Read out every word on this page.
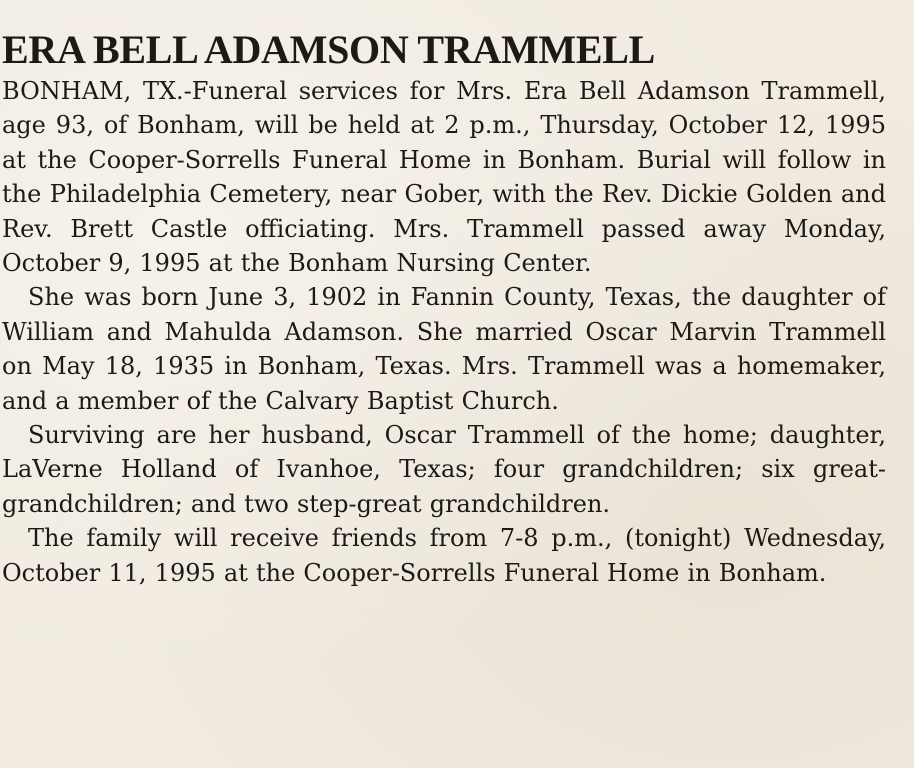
ERA BELL ADAMSON TRAMMELL

BONHAM, TX.-Funeral services for Mrs. Era Bell Adamson Trammell, age 93, of Bonham, will be held at 2 p.m., Thursday, October 12, 1995 at the Cooper-Sorrells Funeral Home in Bonham. Burial will follow in the Philadelphia Cemetery, near Gober, with the Rev. Dickie Golden and Rev. Brett Castle officiating. Mrs. Trammell passed away Monday, October 9, 1995 at the Bonham Nursing Center.

She was born June 3, 1902 in Fannin County, Texas, the daughter of William and Mahulda Adamson. She married Oscar Marvin Trammell on May 18, 1935 in Bonham, Texas. Mrs. Trammell was a homemaker, and a member of the Calvary Baptist Church.

Surviving are her husband, Oscar Trammell of the home; daughter, LaVerne Holland of Ivanhoe, Texas; four grandchildren; six great-grandchildren; and two step-great grandchildren.

The family will receive friends from 7-8 p.m., (tonight) Wednesday, October 11, 1995 at the Cooper-Sorrells Funeral Home in Bonham.
